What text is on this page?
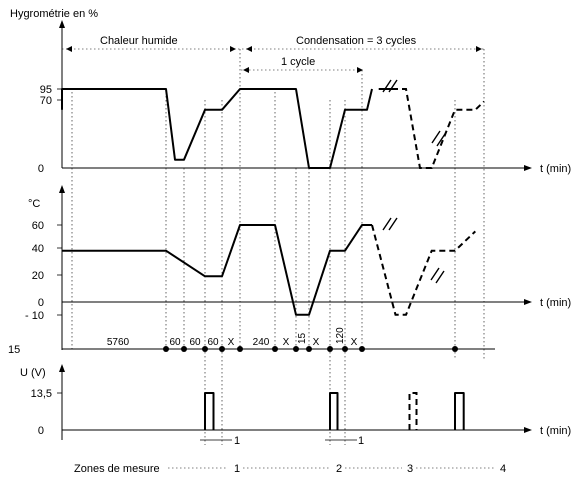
Hygrométrie en %
t (min)
95
70
0
Chaleur humide	Condensation = 3 cycles
1 cycle
°C
t (min)
60
40
20
0
- 10
15
5760	60 60 60 X 240 X 15 X 120 X
U (V)
t (min)
13,5
0
1	1
Zones de mesure	1	2	3	4
